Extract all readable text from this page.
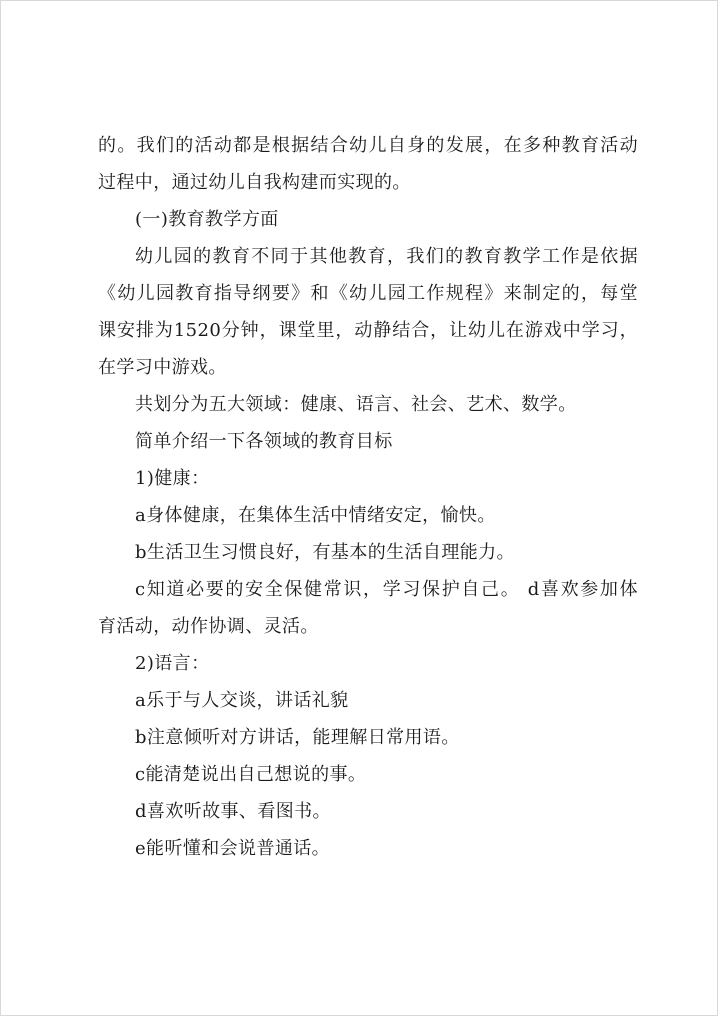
的。我们的活动都是根据结合幼儿自身的发展，在多种教育活动
过程中，通过幼儿自我构建而实现的。
(一)教育教学方面
幼儿园的教育不同于其他教育，我们的教育教学工作是依据
《幼儿园教育指导纲要》和《幼儿园工作规程》来制定的，每堂
课安排为1520分钟，课堂里，动静结合，让幼儿在游戏中学习，
在学习中游戏。
共划分为五大领域：健康、语言、社会、艺术、数学。
简单介绍一下各领域的教育目标
1)健康：
a身体健康，在集体生活中情绪安定，愉快。
b生活卫生习惯良好，有基本的生活自理能力。
c知道必要的安全保健常识，学习保护自己。 d喜欢参加体
育活动，动作协调、灵活。
2)语言：
a乐于与人交谈，讲话礼貌
b注意倾听对方讲话，能理解日常用语。
c能清楚说出自己想说的事。
d喜欢听故事、看图书。
e能听懂和会说普通话。
